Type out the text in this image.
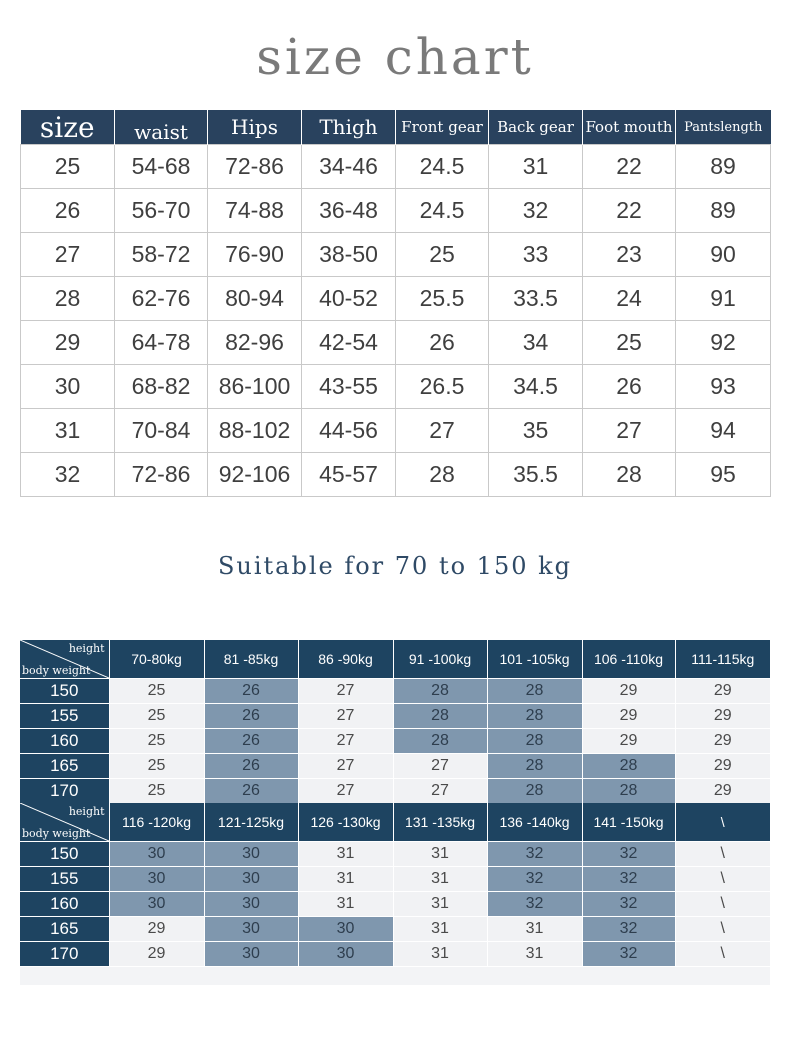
size chart
size	waist	Hips	Thigh	Front gear	Back gear	Foot mouth	Pantslength
25	54-68	72-86	34-46	24.5	31	22	89
26	56-70	74-88	36-48	24.5	32	22	89
27	58-72	76-90	38-50	25	33	23	90
28	62-76	80-94	40-52	25.5	33.5	24	91
29	64-78	82-96	42-54	26	34	25	92
30	68-82	86-100	43-55	26.5	34.5	26	93
31	70-84	88-102	44-56	27	35	27	94
32	72-86	92-106	45-57	28	35.5	28	95
Suitable for 70 to 150 kg
height
body weight	70-80kg	81 -85kg	86 -90kg	91 -100kg	101 -105kg	106 -110kg	111-115kg
150	25	26	27	28	28	29	29
155	25	26	27	28	28	29	29
160	25	26	27	28	28	29	29
165	25	26	27	27	28	28	29
170	25	26	27	27	28	28	29

height
body weight	116 -120kg	121-125kg	126 -130kg	131 -135kg	136 -140kg	141 -150kg	\
150	30	30	31	31	32	32	\
155	30	30	31	31	32	32	\
160	30	30	31	31	32	32	\
165	29	30	30	31	31	32	\
170	29	30	30	31	31	32	\
